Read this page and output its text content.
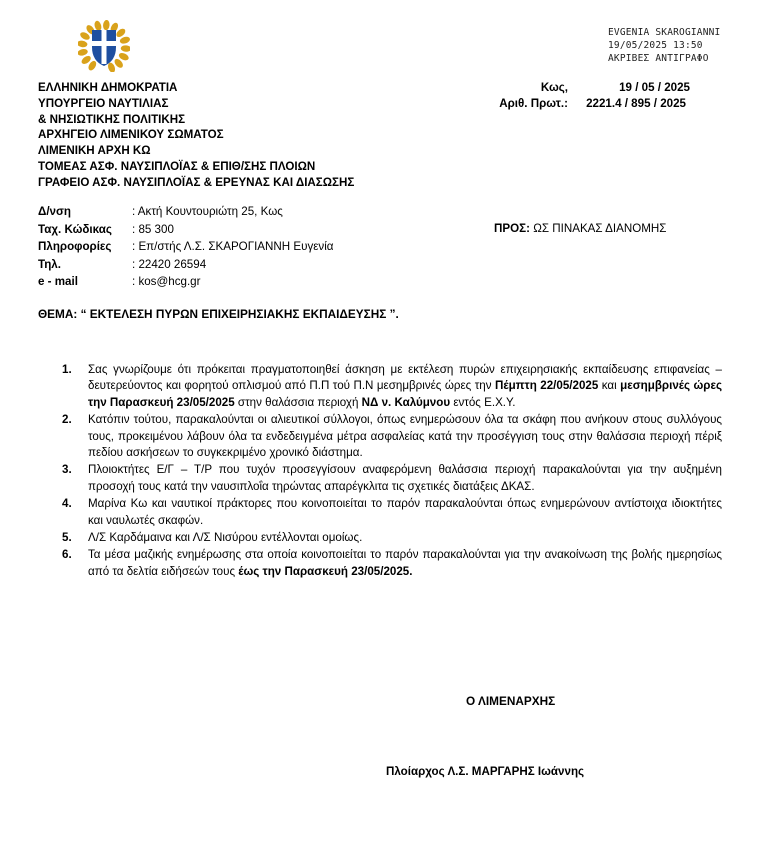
EVGENIA SKAROGIANNI
19/05/2025 13:50
ΑΚΡΙΒΕΣ ΑΝΤΙΓΡΑΦΟ
ΕΛΛΗΝΙΚΗ ΔΗΜΟΚΡΑΤΙΑ
ΥΠΟΥΡΓΕΙΟ ΝΑΥΤΙΛΙΑΣ
& ΝΗΣΙΩΤΙΚΗΣ ΠΟΛΙΤΙΚΗΣ
ΑΡΧΗΓΕΙΟ ΛΙΜΕΝΙΚΟΥ ΣΩΜΑΤΟΣ
ΛΙΜΕΝΙΚΗ ΑΡΧΗ ΚΩ
ΤΟΜΕΑΣ ΑΣΦ. ΝΑΥΣΙΠΛΟΪΑΣ & ΕΠΙΘ/ΣΗΣ ΠΛΟΙΩΝ
ΓΡΑΦΕΙΟ ΑΣΦ. ΝΑΥΣΙΠΛΟΪΑΣ & ΕΡΕΥΝΑΣ ΚΑΙ ΔΙΑΣΩΣΗΣ
Δ/νση	: Ακτή Κουντουριώτη 25, Κως
Ταχ. Κώδικας	: 85 300
Πληροφορίες	: Επ/στής Λ.Σ. ΣΚΑΡΟΓΙΑΝΝΗ Ευγενία
Τηλ.	: 22420 26594
e - mail	: kos@hcg.gr
Κως,	19 / 05 / 2025
Αριθ. Πρωτ.:	2221.4 / 895 / 2025
ΠΡΟΣ: ΩΣ ΠΙΝΑΚΑΣ ΔΙΑΝΟΜΗΣ
ΘΕΜΑ: “ ΕΚΤΕΛΕΣΗ ΠΥΡΩΝ ΕΠΙΧΕΙΡΗΣΙΑΚΗΣ ΕΚΠΑΙΔΕΥΣΗΣ ”.
1.	Σας γνωρίζουμε ότι πρόκειται πραγματοποιηθεί άσκηση με εκτέλεση πυρών επιχειρησιακής εκπαίδευσης επιφανείας – δευτερεύοντος και φορητού οπλισμού από Π.Π τού Π.Ν μεσημβρινές ώρες την Πέμπτη 22/05/2025 και μεσημβρινές ώρες την Παρασκευή 23/05/2025 στην θαλάσσια περιοχή ΝΔ ν. Καλύμνου εντός Ε.Χ.Υ.
2.	Κατόπιν τούτου, παρακαλούνται οι αλιευτικοί σύλλογοι, όπως ενημερώσουν όλα τα σκάφη που ανήκουν στους συλλόγους τους, προκειμένου λάβουν όλα τα ενδεδειγμένα μέτρα ασφαλείας κατά την προσέγγιση τους στην θαλάσσια περιοχή πέριξ πεδίου ασκήσεων το συγκεκριμένο χρονικό διάστημα.
3.	Πλοιοκτήτες Ε/Γ – Τ/Ρ που τυχόν προσεγγίσουν αναφερόμενη θαλάσσια περιοχή παρακαλούνται για την αυξημένη προσοχή τους κατά την ναυσιπλοΐα τηρώντας απαρέγκλιτα τις σχετικές διατάξεις ΔΚΑΣ.
4.	Μαρίνα Κω και ναυτικοί πράκτορες που κοινοποιείται το παρόν παρακαλούνται όπως ενημερώνουν αντίστοιχα ιδιοκτήτες και ναυλωτές σκαφών.
5.	Λ/Σ Καρδάμαινα και Λ/Σ Νισύρου εντέλλονται ομοίως.
6.	Τα μέσα μαζικής ενημέρωσης στα οποία κοινοποιείται το παρόν παρακαλούνται για την ανακοίνωση της βολής ημερησίως από τα δελτία ειδήσεών τους έως την Παρασκευή 23/05/2025.
Ο ΛΙΜΕΝΑΡΧΗΣ
Πλοίαρχος Λ.Σ. ΜΑΡΓΑΡΗΣ Ιωάννης
